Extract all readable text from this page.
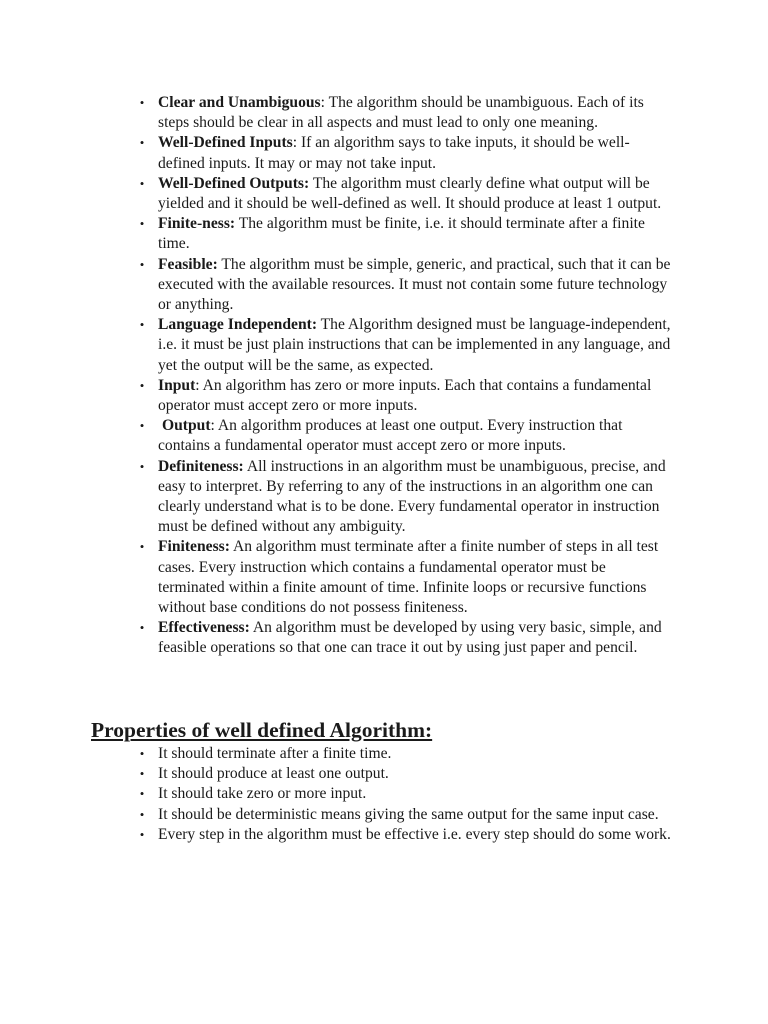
• Clear and Unambiguous: The algorithm should be unambiguous. Each of its steps should be clear in all aspects and must lead to only one meaning.
• Well-Defined Inputs: If an algorithm says to take inputs, it should be well-defined inputs. It may or may not take input.
• Well-Defined Outputs: The algorithm must clearly define what output will be yielded and it should be well-defined as well. It should produce at least 1 output.
• Finite-ness: The algorithm must be finite, i.e. it should terminate after a finite time.
• Feasible: The algorithm must be simple, generic, and practical, such that it can be executed with the available resources. It must not contain some future technology or anything.
• Language Independent: The Algorithm designed must be language-independent, i.e. it must be just plain instructions that can be implemented in any language, and yet the output will be the same, as expected.
• Input: An algorithm has zero or more inputs. Each that contains a fundamental operator must accept zero or more inputs.
• Output: An algorithm produces at least one output. Every instruction that contains a fundamental operator must accept zero or more inputs.
• Definiteness: All instructions in an algorithm must be unambiguous, precise, and easy to interpret. By referring to any of the instructions in an algorithm one can clearly understand what is to be done. Every fundamental operator in instruction must be defined without any ambiguity.
• Finiteness: An algorithm must terminate after a finite number of steps in all test cases. Every instruction which contains a fundamental operator must be terminated within a finite amount of time. Infinite loops or recursive functions without base conditions do not possess finiteness.
• Effectiveness: An algorithm must be developed by using very basic, simple, and feasible operations so that one can trace it out by using just paper and pencil.
Properties of well defined Algorithm:
• It should terminate after a finite time.
• It should produce at least one output.
• It should take zero or more input.
• It should be deterministic means giving the same output for the same input case.
• Every step in the algorithm must be effective i.e. every step should do some work.
